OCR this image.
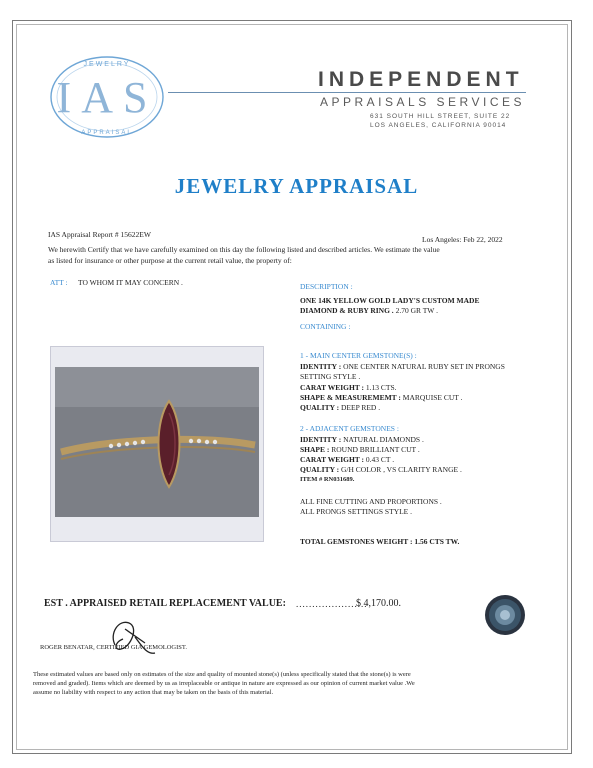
IAS
JEWELRY
APPRAISAL
INDEPENDENT
APPRAISALS SERVICES
631 SOUTH HILL STREET, SUITE 22
LOS ANGELES, CALIFORNIA 90014
JEWELRY APPRAISAL
IAS Appraisal Report # 15622EW
Los Angeles: Feb 22, 2022
We herewith Certify that we have carefully examined on this day the following listed and described articles. We estimate the value
as listed for insurance or other purpose at the current retail value, the property of:
ATT : TO WHOM IT MAY CONCERN .	DESCRIPTION :
ONE 14K YELLOW GOLD LADY'S CUSTOM MADE
DIAMOND & RUBY RING . 2.70 GR TW .
CONTAINING :
1 - MAIN CENTER GEMSTONE(S) :
IDENTITY : ONE CENTER NATURAL RUBY SET IN PRONGS
SETTING STYLE .
CARAT WEIGHT : 1.13 CTS.
SHAPE & MEASUREMEMT : MARQUISE CUT .
QUALITY : DEEP RED .
2 - ADJACENT GEMSTONES :
IDENTITY : NATURAL DIAMONDS .
SHAPE : ROUND BRILLIANT CUT .
CARAT WEIGHT : 0.43 CT .
QUALITY : G/H COLOR , VS CLARITY RANGE .
ITEM # RN031689.
ALL FINE CUTTING AND PROPORTIONS .
ALL PRONGS SETTINGS STYLE .
TOTAL GEMSTONES WEIGHT : 1.56 CTS TW.
EST . APPRAISED RETAIL REPLACEMENT VALUE: ......................
$ 4,170.00.
ROGER BENATAR, CERTIFIED GIA GEMOLOGIST.
These estimated values are based only on estimates of the size and quality of mounted stone(s) (unless specifically stated that the stone(s) is were
removed and graded). Items which are deemed by us as irreplaceable or antique in nature are expressed as our opinion of current market value .We
assume no liability with respect to any action that may be taken on the basis of this material.
